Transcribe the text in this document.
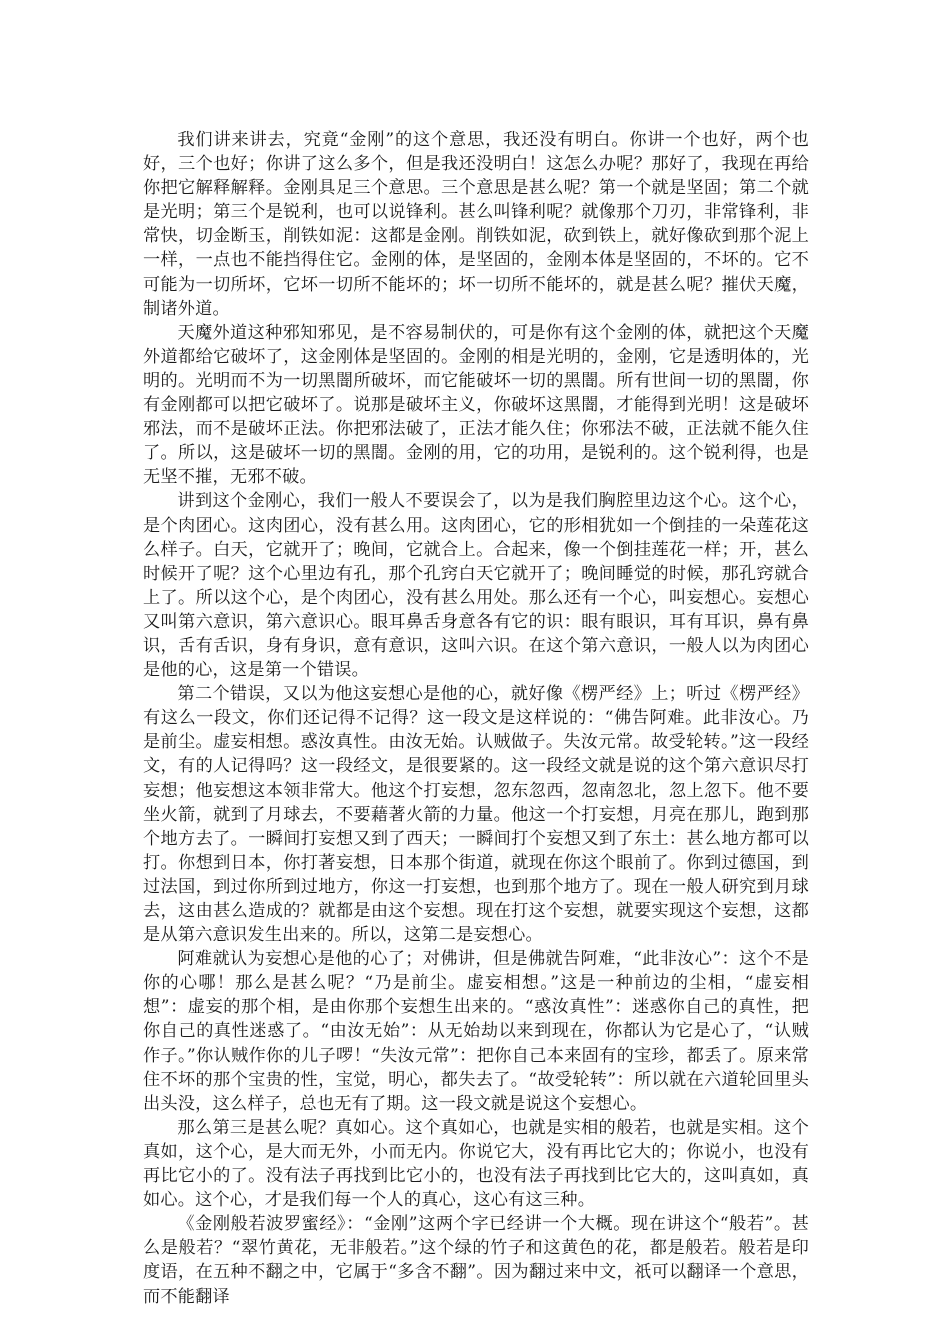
我们讲来讲去，究竟“金刚”的这个意思，我还没有明白。你讲一个也好，两个也好，三个也好；你讲了这么多个，但是我还没明白！这怎么办呢？那好了，我现在再给你把它解释解释。金刚具足三个意思。三个意思是甚么呢？第一个就是坚固；第二个就是光明；第三个是锐利，也可以说锋利。甚么叫锋利呢？就像那个刀刃，非常锋利，非常快，切金断玉，削铁如泥：这都是金刚。削铁如泥，砍到铁上，就好像砍到那个泥上一样，一点也不能挡得住它。金刚的体，是坚固的，金刚本体是坚固的，不坏的。它不可能为一切所坏，它坏一切所不能坏的；坏一切所不能坏的，就是甚么呢？摧伏天魔，制诸外道。

天魔外道这种邪知邪见，是不容易制伏的，可是你有这个金刚的体，就把这个天魔外道都给它破坏了，这金刚体是坚固的。金刚的相是光明的，金刚，它是透明体的，光明的。光明而不为一切黑闇所破坏，而它能破坏一切的黑闇。所有世间一切的黑闇，你有金刚都可以把它破坏了。说那是破坏主义，你破坏这黑闇，才能得到光明！这是破坏邪法，而不是破坏正法。你把邪法破了，正法才能久住；你邪法不破，正法就不能久住了。所以，这是破坏一切的黑闇。金刚的用，它的功用，是锐利的。这个锐利得，也是无坚不摧，无邪不破。

讲到这个金刚心，我们一般人不要误会了，以为是我们胸腔里边这个心。这个心，是个肉团心。这肉团心，没有甚么用。这肉团心，它的形相犹如一个倒挂的一朵莲花这么样子。白天，它就开了；晚间，它就合上。合起来，像一个倒挂莲花一样；开，甚么时候开了呢？这个心里边有孔，那个孔窍白天它就开了；晚间睡觉的时候，那孔窍就合上了。所以这个心，是个肉团心，没有甚么用处。那么还有一个心，叫妄想心。妄想心又叫第六意识，第六意识心。眼耳鼻舌身意各有它的识：眼有眼识，耳有耳识，鼻有鼻识，舌有舌识，身有身识，意有意识，这叫六识。在这个第六意识，一般人以为肉团心是他的心，这是第一个错误。

第二个错误，又以为他这妄想心是他的心，就好像《楞严经》上；听过《楞严经》有这么一段文，你们还记得不记得？这一段文是这样说的：“佛告阿难。此非汝心。乃是前尘。虚妄相想。惑汝真性。由汝无始。认贼做子。失汝元常。故受轮转。”这一段经文，有的人记得吗？这一段经文，是很要紧的。这一段经文就是说的这个第六意识尽打妄想；他妄想这本领非常大。他这个打妄想，忽东忽西，忽南忽北，忽上忽下。他不要坐火箭，就到了月球去，不要藉著火箭的力量。他这一个打妄想，月亮在那儿，跑到那个地方去了。一瞬间打妄想又到了西天；一瞬间打个妄想又到了东土：甚么地方都可以打。你想到日本，你打著妄想，日本那个街道，就现在你这个眼前了。你到过德国，到过法国，到过你所到过地方，你这一打妄想，也到那个地方了。现在一般人研究到月球去，这由甚么造成的？就都是由这个妄想。现在打这个妄想，就要实现这个妄想，这都是从第六意识发生出来的。所以，这第二是妄想心。

阿难就认为妄想心是他的心了；对佛讲，但是佛就告阿难，“此非汝心”：这个不是你的心哪！那么是甚么呢？“乃是前尘。虚妄相想。”这是一种前边的尘相，“虚妄相想”：虚妄的那个相，是由你那个妄想生出来的。“惑汝真性”：迷惑你自己的真性，把你自己的真性迷惑了。“由汝无始”：从无始劫以来到现在，你都认为它是心了，“认贼作子。”你认贼作你的儿子啰！“失汝元常”：把你自己本来固有的宝珍，都丢了。原来常住不坏的那个宝贵的性，宝觉，明心，都失去了。“故受轮转”：所以就在六道轮回里头出头没，这么样子，总也无有了期。这一段文就是说这个妄想心。

那么第三是甚么呢？真如心。这个真如心，也就是实相的般若，也就是实相。这个真如，这个心，是大而无外，小而无内。你说它大，没有再比它大的；你说小，也没有再比它小的了。没有法子再找到比它小的，也没有法子再找到比它大的，这叫真如，真如心。这个心，才是我们每一个人的真心，这心有这三种。

《金刚般若波罗蜜经》：“金刚”这两个字已经讲一个大概。现在讲这个“般若”。甚么是般若？“翠竹黄花，无非般若。”这个绿的竹子和这黄色的花，都是般若。般若是印度语，在五种不翻之中，它属于“多含不翻”。因为翻过来中文，祇可以翻译一个意思，而不能翻译
